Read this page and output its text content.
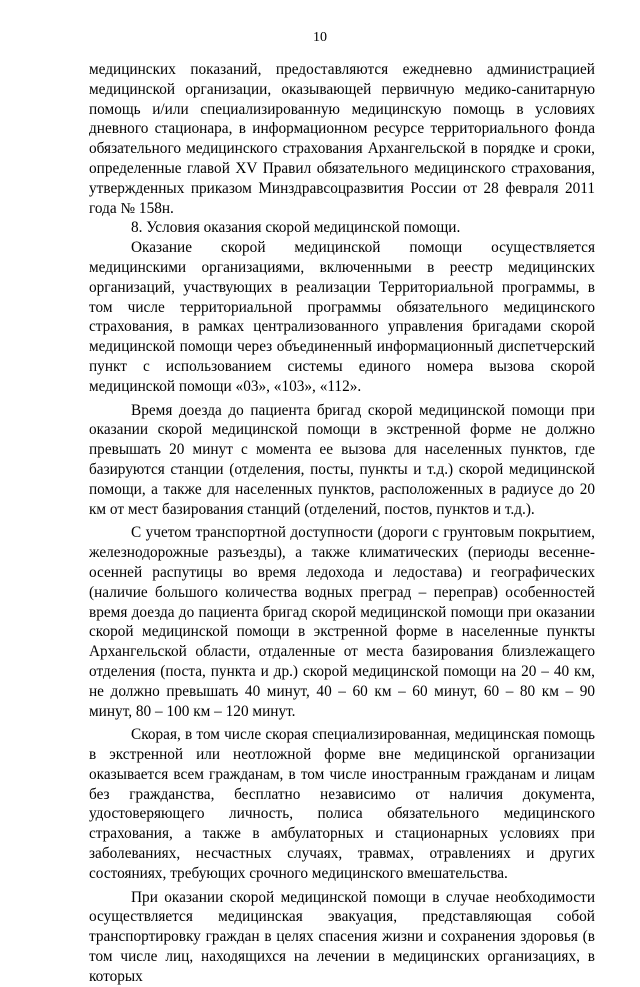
10

медицинских показаний, предоставляются ежедневно администрацией медицинской организации, оказывающей первичную медико-санитарную помощь и/или специализированную медицинскую помощь в условиях дневного стационара, в информационном ресурсе территориального фонда обязательного медицинского страхования Архангельской в порядке и сроки, определенные главой XV Правил обязательного медицинского страхования, утвержденных приказом Минздравсоцразвития России от 28 февраля 2011 года № 158н.

8. Условия оказания скорой медицинской помощи.

Оказание скорой медицинской помощи осуществляется медицинскими организациями, включенными в реестр медицинских организаций, участвующих в реализации Территориальной программы, в том числе территориальной программы обязательного медицинского страхования, в рамках централизованного управления бригадами скорой медицинской помощи через объединенный информационный диспетчерский пункт с использованием системы единого номера вызова скорой медицинской помощи «03», «103», «112».

Время доезда до пациента бригад скорой медицинской помощи при оказании скорой медицинской помощи в экстренной форме не должно превышать 20 минут с момента ее вызова для населенных пунктов, где базируются станции (отделения, посты, пункты и т.д.) скорой медицинской помощи, а также для населенных пунктов, расположенных в радиусе до 20 км от мест базирования станций (отделений, постов, пунктов и т.д.).

С учетом транспортной доступности (дороги с грунтовым покрытием, железнодорожные разъезды), а также климатических (периоды весенне-осенней распутицы во время ледохода и ледостава) и географических (наличие большого количества водных преград – переправ) особенностей время доезда до пациента бригад скорой медицинской помощи при оказании скорой медицинской помощи в экстренной форме в населенные пункты Архангельской области, отдаленные от места базирования близлежащего отделения (поста, пункта и др.) скорой медицинской помощи на 20 – 40 км, не должно превышать 40 минут, 40 – 60 км – 60 минут, 60 – 80 км – 90 минут, 80 – 100 км – 120 минут.

Скорая, в том числе скорая специализированная, медицинская помощь в экстренной или неотложной форме вне медицинской организации оказывается всем гражданам, в том числе иностранным гражданам и лицам без гражданства, бесплатно независимо от наличия документа, удостоверяющего личность, полиса обязательного медицинского страхования, а также в амбулаторных и стационарных условиях при заболеваниях, несчастных случаях, травмах, отравлениях и других состояниях, требующих срочного медицинского вмешательства.

При оказании скорой медицинской помощи в случае необходимости осуществляется медицинская эвакуация, представляющая собой транспортировку граждан в целях спасения жизни и сохранения здоровья (в том числе лиц, находящихся на лечении в медицинских организациях, в которых
